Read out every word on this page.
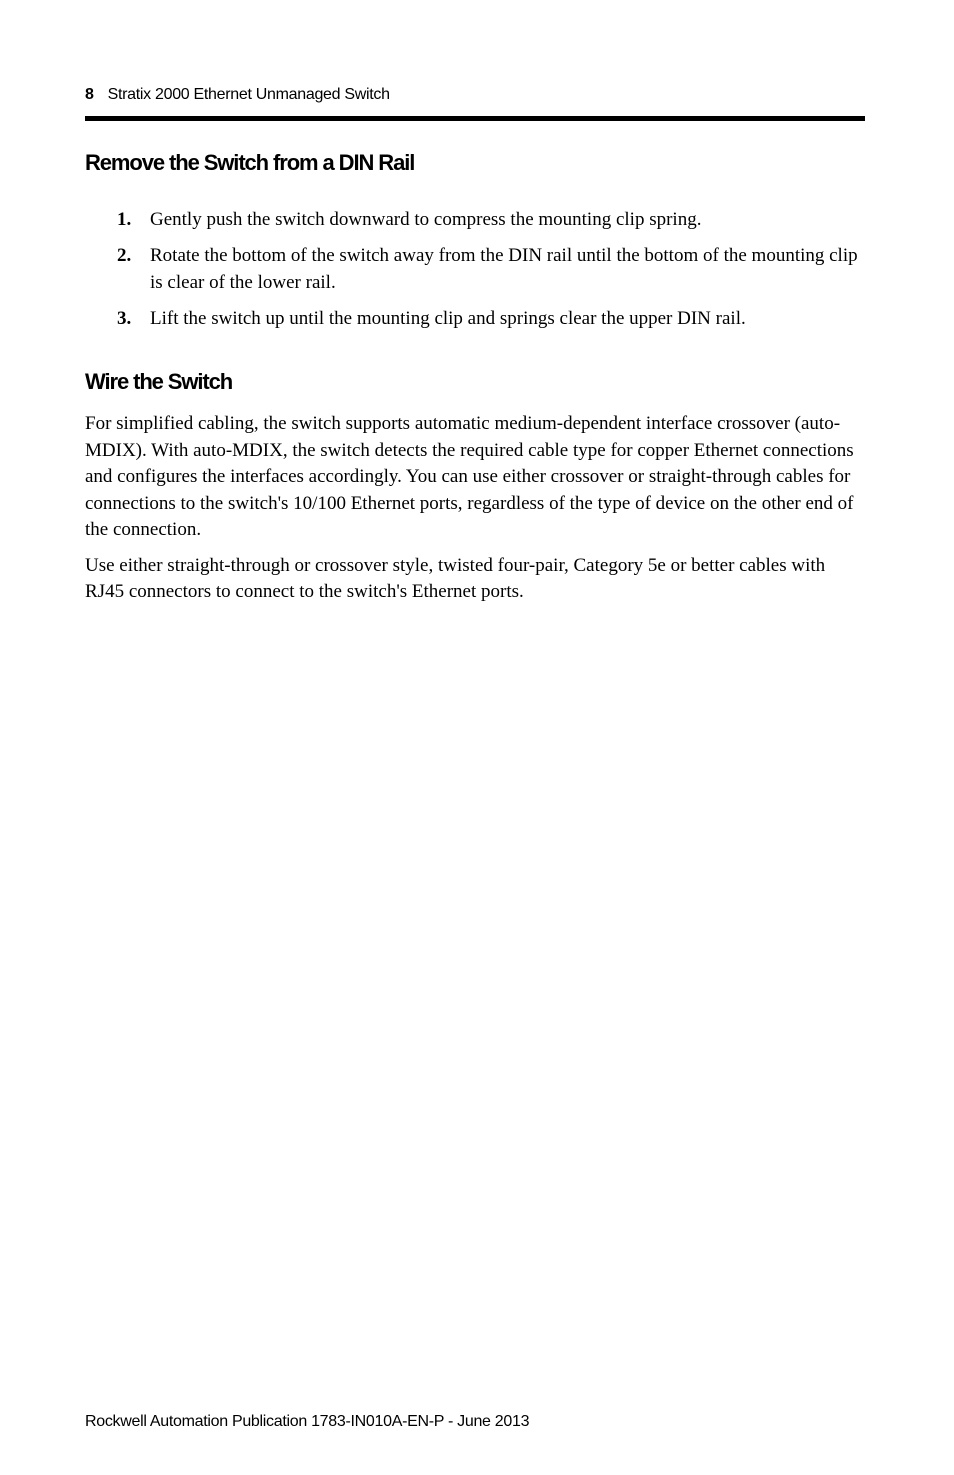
8 Stratix 2000 Ethernet Unmanaged Switch
Remove the Switch from a DIN Rail
1. Gently push the switch downward to compress the mounting clip spring.
2. Rotate the bottom of the switch away from the DIN rail until the bottom of the mounting clip is clear of the lower rail.
3. Lift the switch up until the mounting clip and springs clear the upper DIN rail.
Wire the Switch

For simplified cabling, the switch supports automatic medium-dependent interface crossover (auto-MDIX). With auto-MDIX, the switch detects the required cable type for copper Ethernet connections and configures the interfaces accordingly. You can use either crossover or straight-through cables for connections to the switch's 10/100 Ethernet ports, regardless of the type of device on the other end of the connection.

Use either straight-through or crossover style, twisted four-pair, Category 5e or better cables with RJ45 connectors to connect to the switch's Ethernet ports.

Rockwell Automation Publication 1783-IN010A-EN-P - June 2013
